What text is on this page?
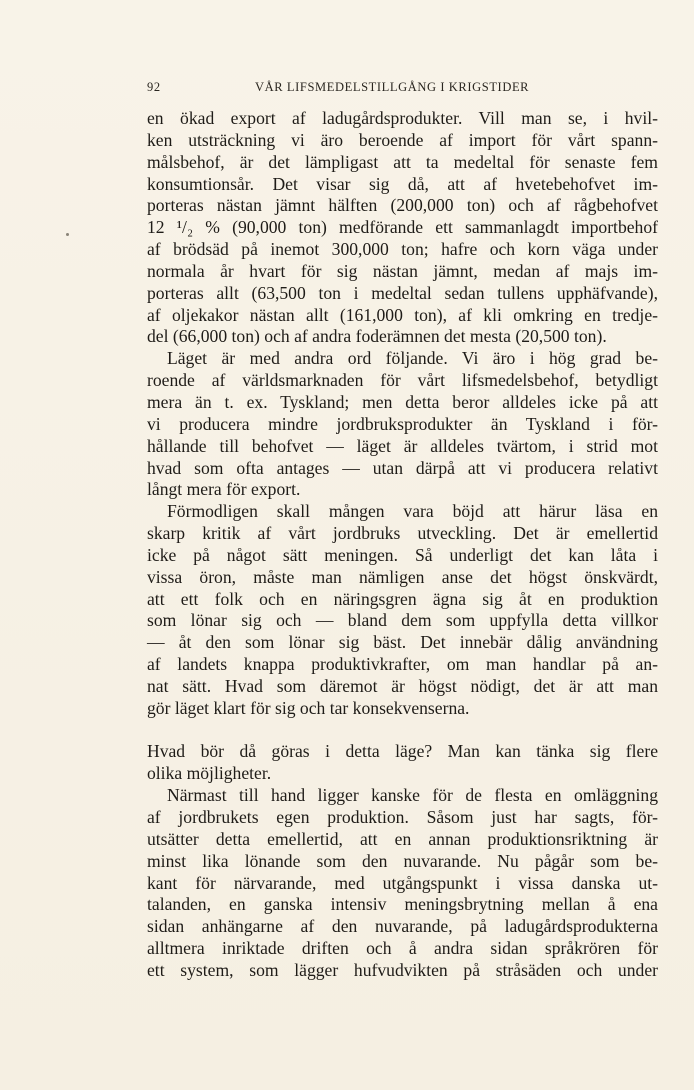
92	VÅR LIFSMEDELSTILLGÅNG I KRIGSTIDER
en ökad export af ladugårdsprodukter. Vill man se, i hvil-
ken utsträckning vi äro beroende af import för vårt spann-
målsbehof, är det lämpligast att ta medeltal för senaste fem
konsumtionsår. Det visar sig då, att af hvetebehofvet im-
porteras nästan jämnt hälften (200,000 ton) och af rågbehofvet
12 ¹/₂ % (90,000 ton) medförande ett sammanlagdt importbehof
af brödsäd på inemot 300,000 ton; hafre och korn väga under
normala år hvart för sig nästan jämnt, medan af majs im-
porteras allt (63,500 ton i medeltal sedan tullens upphäfvande),
af oljekakor nästan allt (161,000 ton), af kli omkring en tredje-
del (66,000 ton) och af andra foderämnen det mesta (20,500 ton).
Läget är med andra ord följande. Vi äro i hög grad be-
roende af världsmarknaden för vårt lifsmedelsbehof, betydligt
mera än t. ex. Tyskland; men detta beror alldeles icke på att
vi producera mindre jordbruksprodukter än Tyskland i för-
hållande till behofvet — läget är alldeles tvärtom, i strid mot
hvad som ofta antages — utan därpå att vi producera relativt
långt mera för export.
Förmodligen skall mången vara böjd att härur läsa en
skarp kritik af vårt jordbruks utveckling. Det är emellertid
icke på något sätt meningen. Så underligt det kan låta i
vissa öron, måste man nämligen anse det högst önskvärdt,
att ett folk och en näringsgren ägna sig åt en produktion
som lönar sig och — bland dem som uppfylla detta villkor
— åt den som lönar sig bäst. Det innebär dålig användning
af landets knappa produktivkrafter, om man handlar på an-
nat sätt. Hvad som däremot är högst nödigt, det är att man
gör läget klart för sig och tar konsekvenserna.
Hvad bör då göras i detta läge? Man kan tänka sig flere
olika möjligheter.
Närmast till hand ligger kanske för de flesta en omläggning
af jordbrukets egen produktion. Såsom just har sagts, för-
utsätter detta emellertid, att en annan produktionsriktning är
minst lika lönande som den nuvarande. Nu pågår som be-
kant för närvarande, med utgångspunkt i vissa danska ut-
talanden, en ganska intensiv meningsbrytning mellan å ena
sidan anhängarne af den nuvarande, på ladugårdsprodukterna
alltmera inriktade driften och å andra sidan språkrören för
ett system, som lägger hufvudvikten på stråsäden och under
